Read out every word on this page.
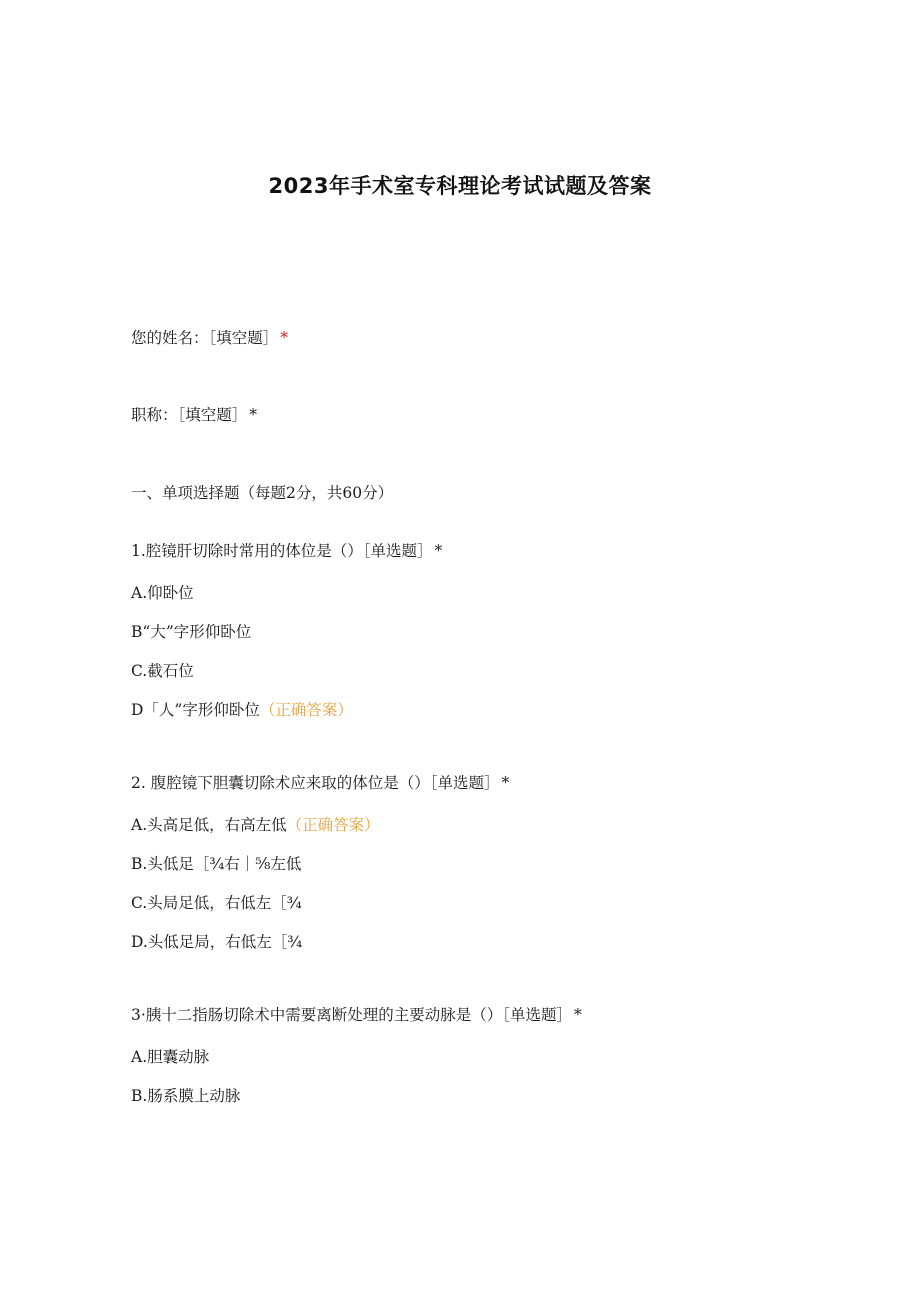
2023年手术室专科理论考试试题及答案
您的姓名：［填空题］ *
职称：［填空题］ *
一、单项选择题（每题2分，共60分）
1.腔镜肝切除时常用的体位是（）［单选题］ *
A.仰卧位
B“大”字形仰卧位
C.截石位
D「人”字形仰卧位（正确答案）
2. 腹腔镜下胆囊切除术应来取的体位是（）［单选题］ *
A.头高足低，右高左低（正确答案）
B.头低足［¾右｜⅝左低
C.头局足低，右低左［¾
D.头低足局，右低左［¾
3·胰十二指肠切除术中需要离断处理的主要动脉是（）［单选题］ *
A.胆囊动脉
B.肠系膜上动脉
